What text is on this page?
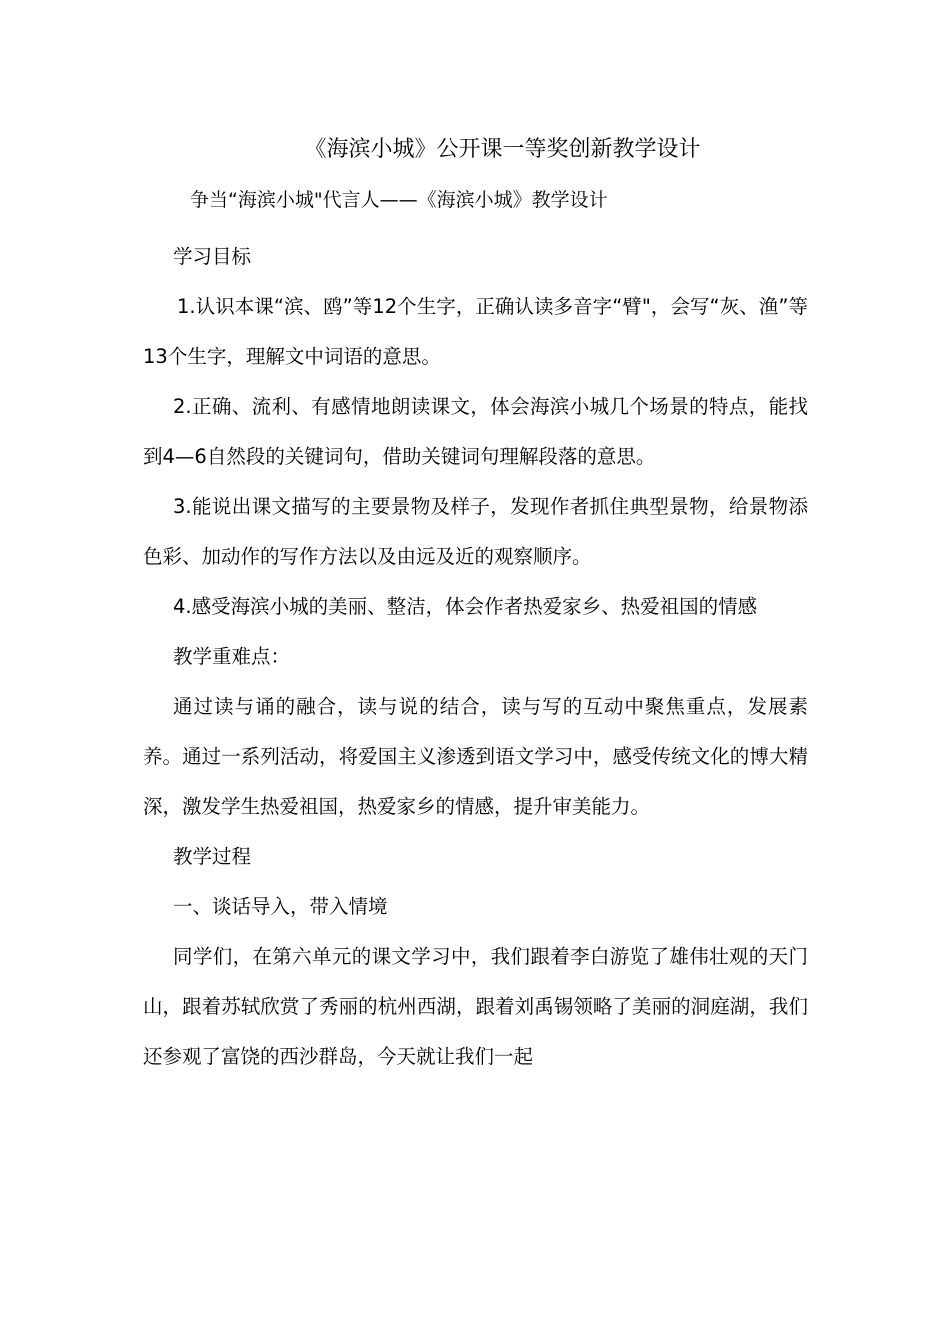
《海滨小城》公开课一等奖创新教学设计
争当“海滨小城"代言人——《海滨小城》教学设计

学习目标

1.认识本课“滨、鸥”等12个生字，正确认读多音字“臂"，会写“灰、渔”等13个生字，理解文中词语的意思。

2.正确、流利、有感情地朗读课文，体会海滨小城几个场景的特点，能找到4—6自然段的关键词句，借助关键词句理解段落的意思。

3.能说出课文描写的主要景物及样子，发现作者抓住典型景物，给景物添色彩、加动作的写作方法以及由远及近的观察顺序。

4.感受海滨小城的美丽、整洁，体会作者热爱家乡、热爱祖国的情感

教学重难点：

通过读与诵的融合，读与说的结合，读与写的互动中聚焦重点，发展素养。通过一系列活动，将爱国主义渗透到语文学习中，感受传统文化的博大精深，激发学生热爱祖国，热爱家乡的情感，提升审美能力。

教学过程

一、谈话导入，带入情境

同学们，在第六单元的课文学习中，我们跟着李白游览了雄伟壮观的天门山，跟着苏轼欣赏了秀丽的杭州西湖，跟着刘禹锡领略了美丽的洞庭湖，我们还参观了富饶的西沙群岛，今天就让我们一起
